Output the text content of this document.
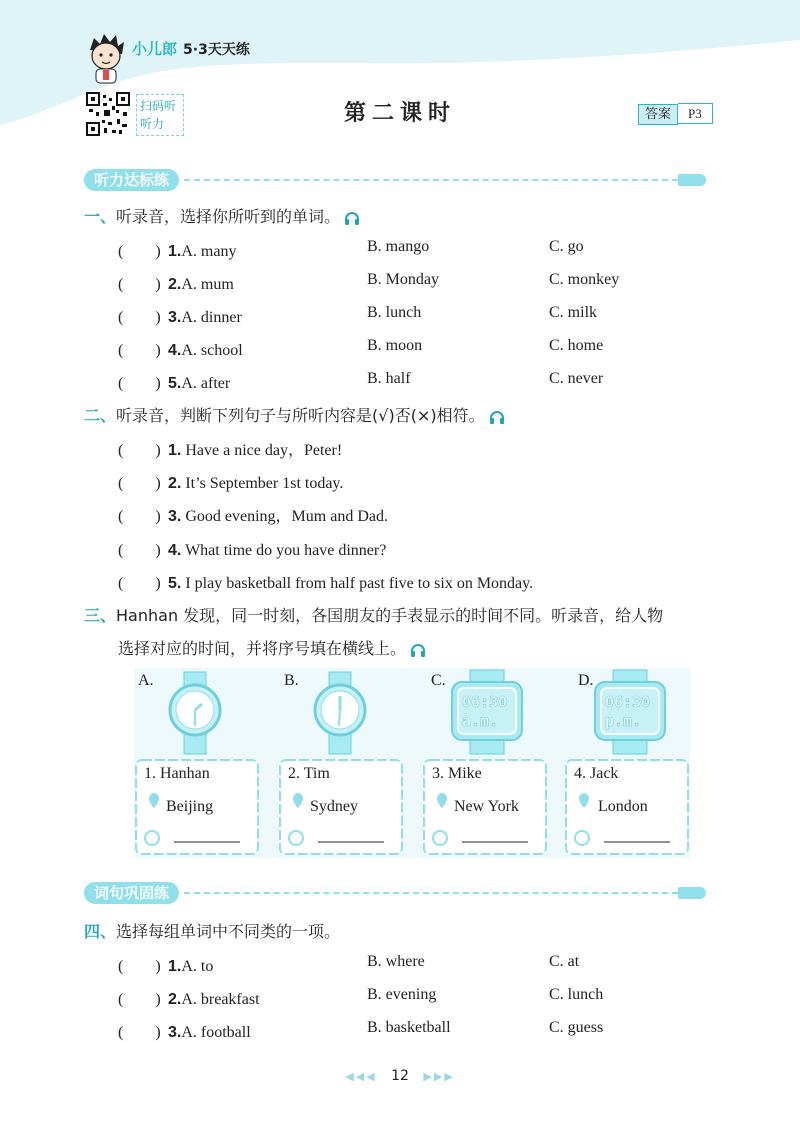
小儿郎 5·3天天练
扫码听听力	第二课时	答案 P3
听力达标练
一、听录音，选择你所听到的单词。
(　　) 1.A. many	B. mango	C. go
(　　) 2.A. mum	B. Monday	C. monkey
(　　) 3.A. dinner	B. lunch	C. milk
(　　) 4.A. school	B. moon	C. home
(　　) 5.A. after	B. half	C. never
二、听录音，判断下列句子与所听内容是(√)否(×)相符。
(　　) 1. Have a nice day，Peter!
(　　) 2. It’s September 1st today.
(　　) 3. Good evening，Mum and Dad.
(　　) 4. What time do you have dinner?
(　　) 5. I play basketball from half past five to six on Monday.
三、Hanhan 发现，同一时刻，各国朋友的手表显示的时间不同。听录音，给人物
选择对应的时间，并将序号填在横线上。
06:30
a.m.
06:30
p.m.
A.	B.	C.	D.
1. Hanhan
Beijing
2. Tim
Sydney
3. Mike
New York
4. Jack
London
词句巩固练
四、选择每组单词中不同类的一项。
(　　) 1.A. to	B. where	C. at
(　　) 2.A. breakfast	B. evening	C. lunch
(　　) 3.A. football	B. basketball	C. guess
◀◀◀ 12 ▶▶▶
